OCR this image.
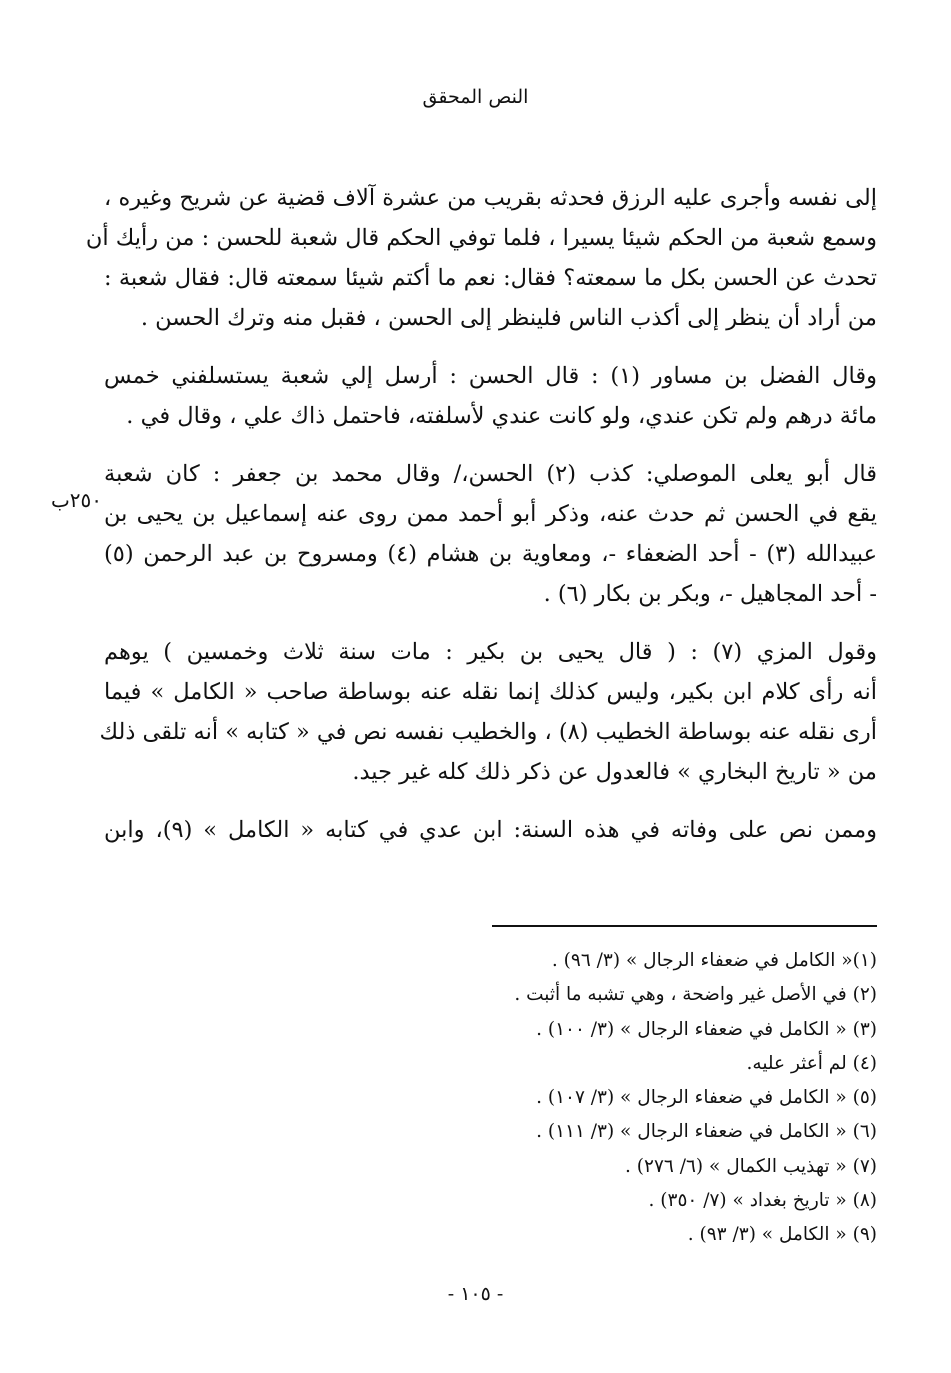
النص المحقق
إلى نفسه وأجرى عليه الرزق فحدثه بقريب من عشرة آلاف قضية عن شريح وغيره ،
وسمع شعبة من الحكم شيئا يسيرا ، فلما توفي الحكم قال شعبة للحسن : من رأيك أن
تحدث عن الحسن بكل ما سمعته؟ فقال: نعم ما أكتم شيئا سمعته قال: فقال شعبة :
من أراد أن ينظر إلى أكذب الناس فلينظر إلى الحسن ، فقبل منه وترك الحسن .
وقال الفضل بن مساور (١) : قال الحسن : أرسل إلي شعبة يستسلفني خمس
مائة درهم ولم تكن عندي، ولو كانت عندي لأسلفته، فاحتمل ذاك علي ، وقال في .
قال أبو يعلى الموصلي: كذب (٢) الحسن،/ وقال محمد بن جعفر : كان شعبة
يقع في الحسن ثم حدث عنه، وذكر أبو أحمد ممن روى عنه إسماعيل بن يحيى بن
عبيدالله (٣) - أحد الضعفاء -، ومعاوية بن هشام (٤) ومسروح بن عبد الرحمن (٥)
- أحد المجاهيل -، وبكر بن بكار (٦) .
وقول المزي (٧) : ( قال يحيى بن بكير : مات سنة ثلاث وخمسين ) يوهم
أنه رأى كلام ابن بكير، وليس كذلك إنما نقله عنه بوساطة صاحب « الكامل » فيما
أرى نقله عنه بوساطة الخطيب (٨) ، والخطيب نفسه نص في « كتابه » أنه تلقى ذلك
من « تاريخ البخاري » فالعدول عن ذكر ذلك كله غير جيد.
وممن نص على وفاته في هذه السنة: ابن عدي في كتابه « الكامل » (٩)، وابن
٢٥٠ب
(١)« الكامل في ضعفاء الرجال » (٣/ ٩٦) .
(٢) في الأصل غير واضحة ، وهي تشبه ما أثبت .
(٣) « الكامل في ضعفاء الرجال » (٣/ ١٠٠) .
(٤) لم أعثر عليه.
(٥) « الكامل في ضعفاء الرجال » (٣/ ١٠٧) .
(٦) « الكامل في ضعفاء الرجال » (٣/ ١١١) .
(٧) « تهذيب الكمال » (٦/ ٢٧٦) .
(٨) « تاريخ بغداد » (٧/ ٣٥٠) .
(٩) « الكامل » (٣/ ٩٣) .
- ١٠٥ -
